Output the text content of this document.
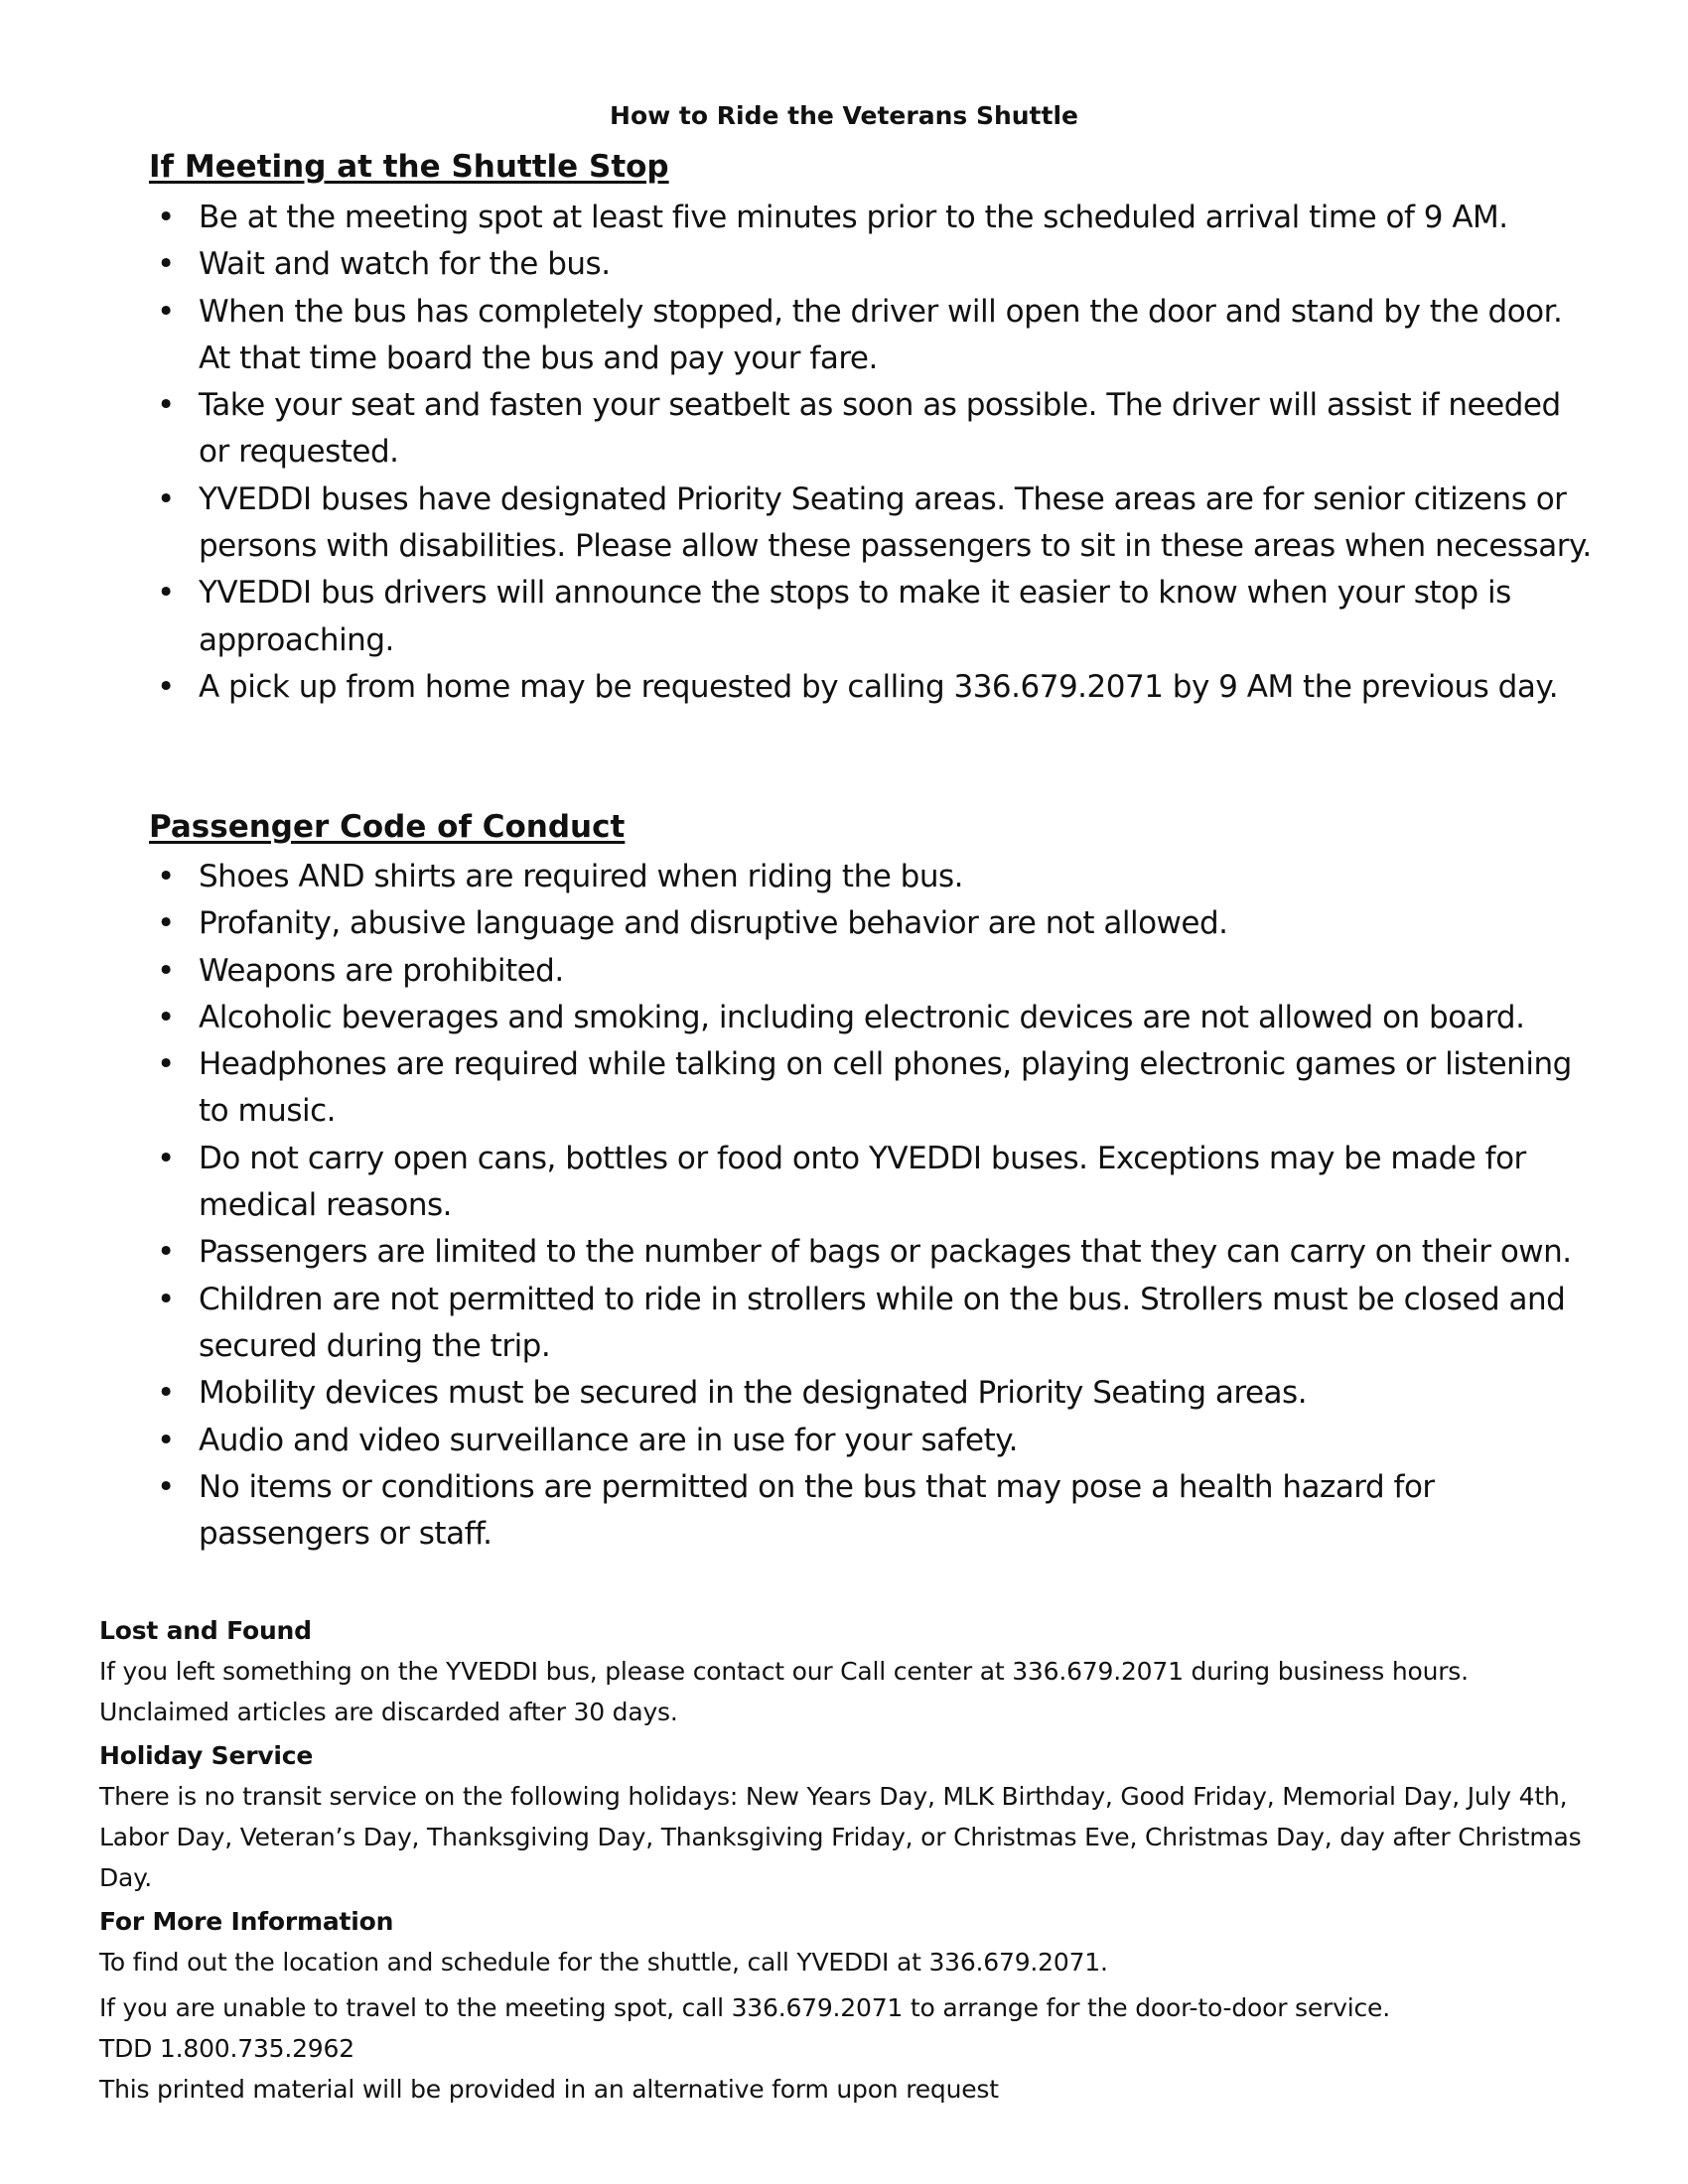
How to Ride the Veterans Shuttle
If Meeting at the Shuttle Stop
• Be at the meeting spot at least five minutes prior to the scheduled arrival time of 9 AM.
• Wait and watch for the bus.
• When the bus has completely stopped, the driver will open the door and stand by the door. At that time board the bus and pay your fare.
• Take your seat and fasten your seatbelt as soon as possible. The driver will assist if needed or requested.
• YVEDDI buses have designated Priority Seating areas. These areas are for senior citizens or persons with disabilities. Please allow these passengers to sit in these areas when necessary.
• YVEDDI bus drivers will announce the stops to make it easier to know when your stop is approaching.
• A pick up from home may be requested by calling 336.679.2071 by 9 AM the previous day.
Passenger Code of Conduct
• Shoes AND shirts are required when riding the bus.
• Profanity, abusive language and disruptive behavior are not allowed.
• Weapons are prohibited.
• Alcoholic beverages and smoking, including electronic devices are not allowed on board.
• Headphones are required while talking on cell phones, playing electronic games or listening to music.
• Do not carry open cans, bottles or food onto YVEDDI buses. Exceptions may be made for medical reasons.
• Passengers are limited to the number of bags or packages that they can carry on their own.
• Children are not permitted to ride in strollers while on the bus. Strollers must be closed and secured during the trip.
• Mobility devices must be secured in the designated Priority Seating areas.
• Audio and video surveillance are in use for your safety.
• No items or conditions are permitted on the bus that may pose a health hazard for passengers or staff.
Lost and Found
If you left something on the YVEDDI bus, please contact our Call center at 336.679.2071 during business hours.
Unclaimed articles are discarded after 30 days.
Holiday Service
There is no transit service on the following holidays: New Years Day, MLK Birthday, Good Friday, Memorial Day, July 4th, Labor Day, Veteran’s Day, Thanksgiving Day, Thanksgiving Friday, or Christmas Eve, Christmas Day, day after Christmas Day.
For More Information
To find out the location and schedule for the shuttle, call YVEDDI at 336.679.2071.
If you are unable to travel to the meeting spot, call 336.679.2071 to arrange for the door-to-door service.
TDD 1.800.735.2962
This printed material will be provided in an alternative form upon request
